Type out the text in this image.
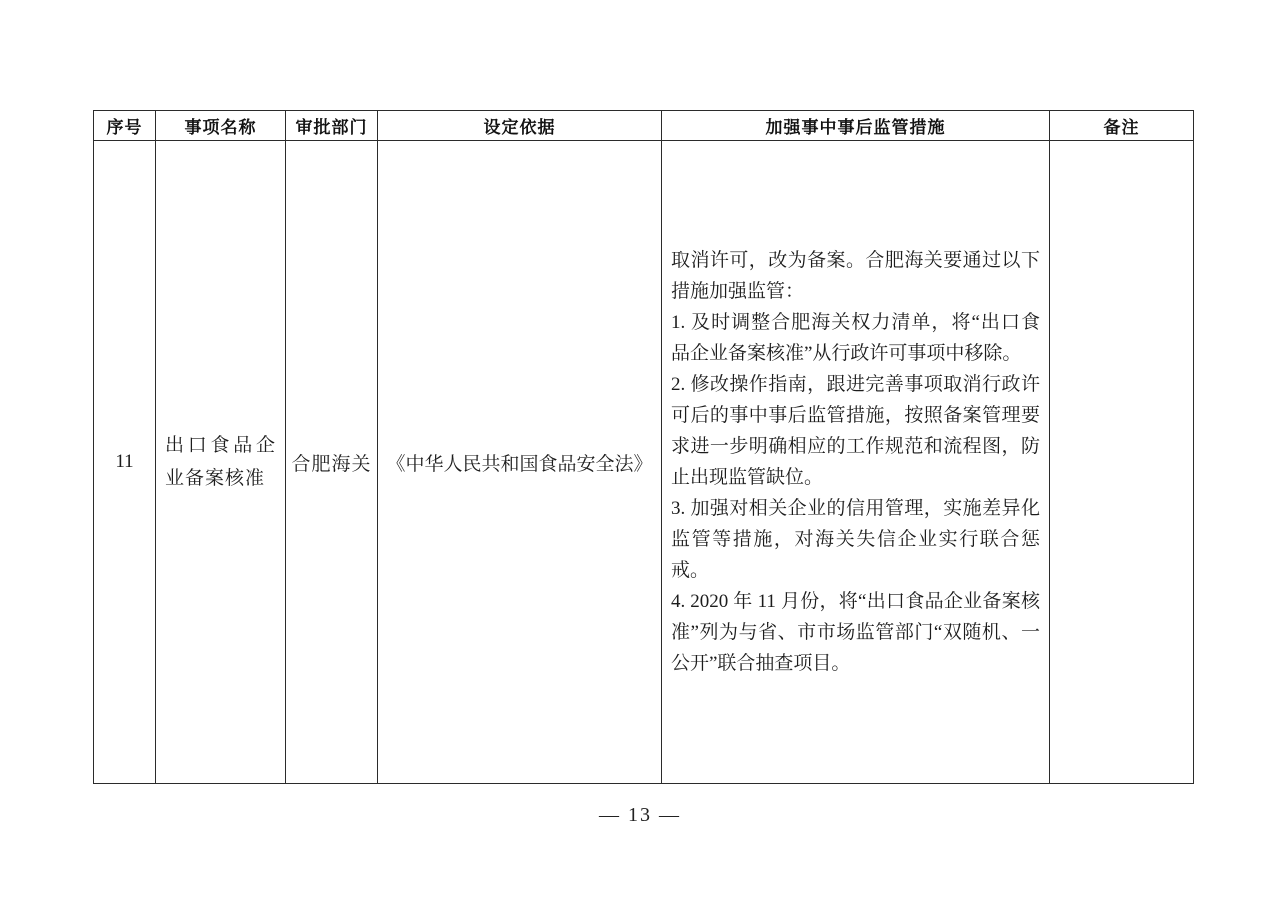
序号	事项名称	审批部门	设定依据	加强事中事后监管措施	备注
11	出口食品企业备案核准	合肥海关	《中华人民共和国食品安全法》	取消许可，改为备案。合肥海关要通过以下措施加强监管：

1. 及时调整合肥海关权力清单，将“出口食品企业备案核准”从行政许可事项中移除。

2. 修改操作指南，跟进完善事项取消行政许可后的事中事后监管措施，按照备案管理要求进一步明确相应的工作规范和流程图，防止出现监管缺位。

3. 加强对相关企业的信用管理，实施差异化监管等措施，对海关失信企业实行联合惩戒。

4. 2020 年 11 月份，将“出口食品企业备案核准”列为与省、市市场监管部门“双随机、一公开”联合抽查项目。	

— 13 —
